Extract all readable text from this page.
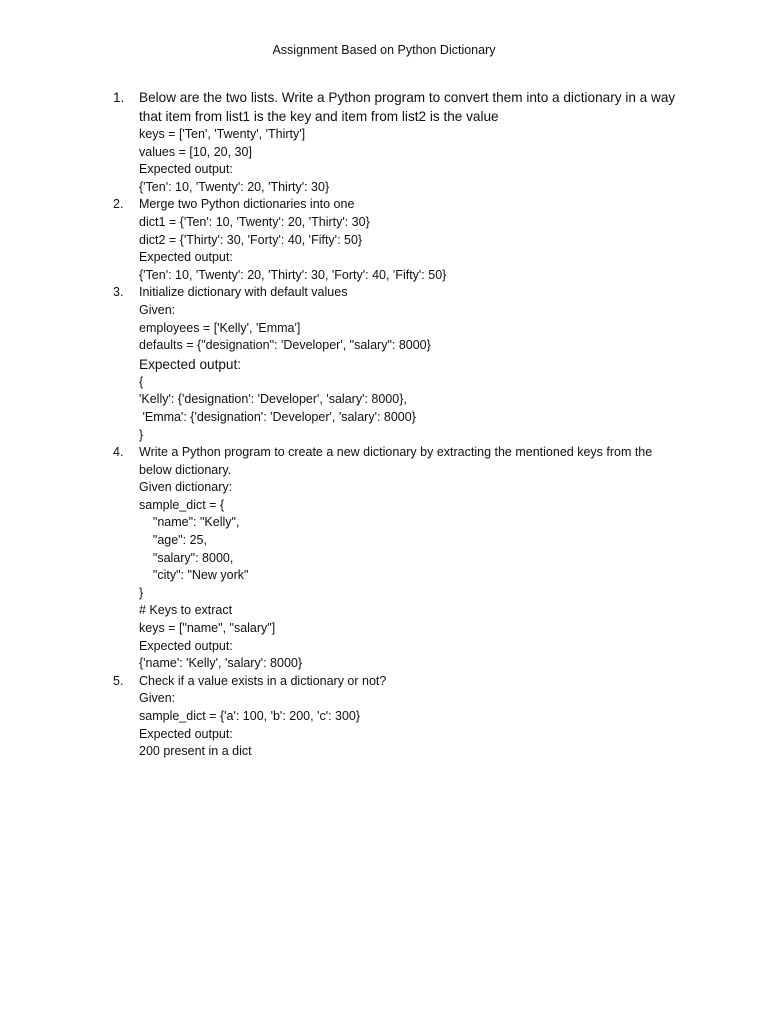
Assignment Based on Python Dictionary
1.	Below are the two lists. Write a Python program to convert them into a dictionary in a way that item from list1 is the key and item from list2 is the value
keys = ['Ten', 'Twenty', 'Thirty']
values = [10, 20, 30]
Expected output:
{'Ten': 10, 'Twenty': 20, 'Thirty': 30}
2.	Merge two Python dictionaries into one
dict1 = {'Ten': 10, 'Twenty': 20, 'Thirty': 30}
dict2 = {'Thirty': 30, 'Forty': 40, 'Fifty': 50}
Expected output:
{'Ten': 10, 'Twenty': 20, 'Thirty': 30, 'Forty': 40, 'Fifty': 50}
3.	Initialize dictionary with default values
Given:
employees = ['Kelly', 'Emma']
defaults = {"designation": 'Developer', "salary": 8000}
Expected output:
{
'Kelly': {'designation': 'Developer', 'salary': 8000},
'Emma': {'designation': 'Developer', 'salary': 8000}
}
4.	Write a Python program to create a new dictionary by extracting the mentioned keys from the below dictionary.
Given dictionary:
sample_dict = {
"name": "Kelly",
"age": 25,
"salary": 8000,
"city": "New york"
}
# Keys to extract
keys = ["name", "salary"]
Expected output:
{'name': 'Kelly', 'salary': 8000}
5.	Check if a value exists in a dictionary or not?
Given:
sample_dict = {'a': 100, 'b': 200, 'c': 300}
Expected output:
200 present in a dict
